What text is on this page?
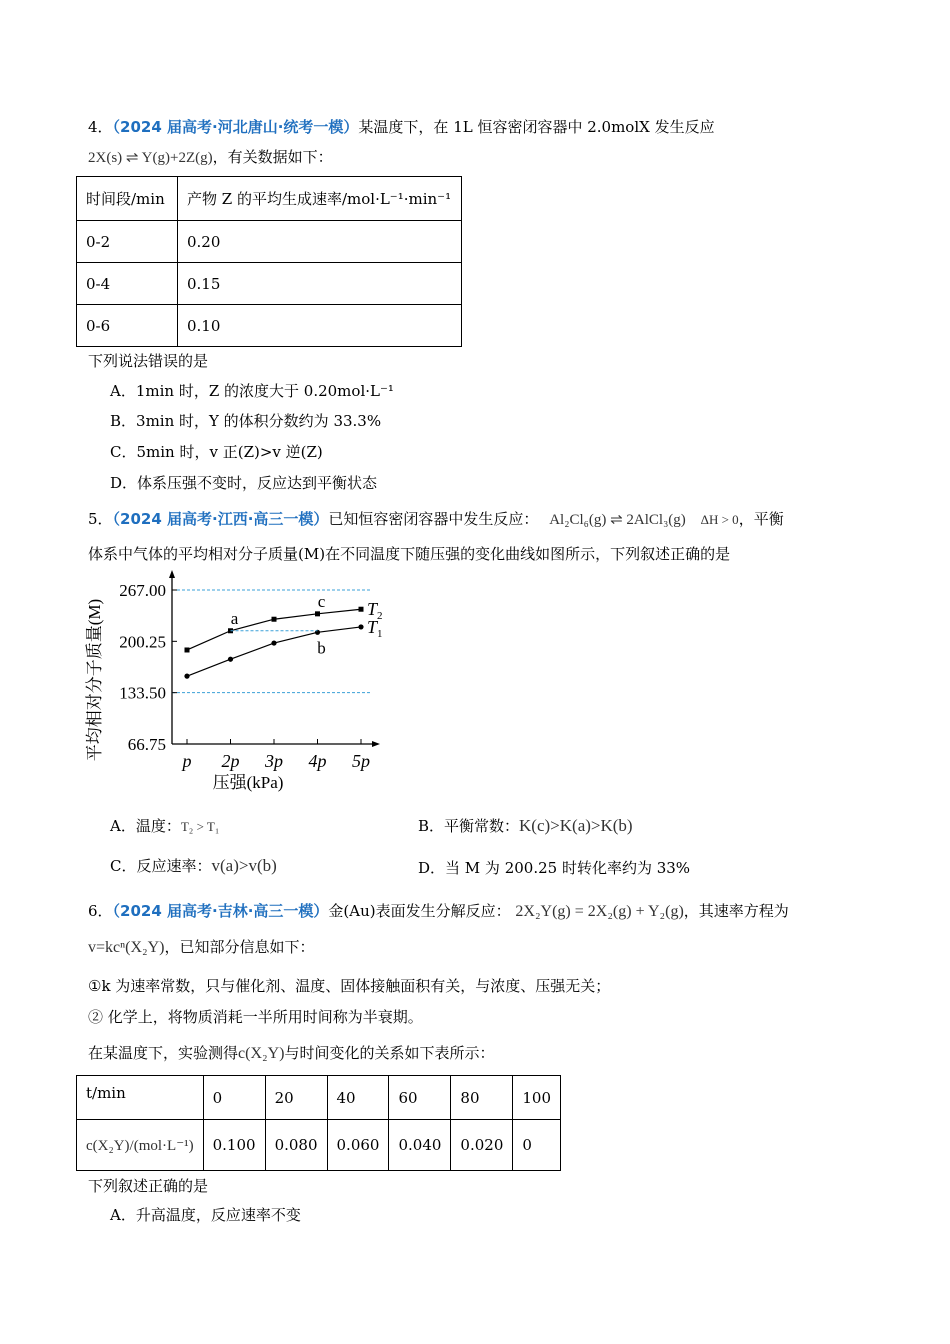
4．（2024 届高考·河北唐山·统考一模）某温度下，在 1L 恒容密闭容器中 2.0molX 发生反应
2X(s) ⇌ Y(g)+2Z(g)，有关数据如下：
时间段/min	产物 Z 的平均生成速率/mol·L⁻¹·min⁻¹
0-2	0.20
0-4	0.15
0-6	0.10
下列说法错误的是
A．1min 时，Z 的浓度大于 0.20mol·L⁻¹
B．3min 时，Y 的体积分数约为 33.3%
C．5min 时，v 正(Z)>v 逆(Z)
D．体系压强不变时，反应达到平衡状态
5．（2024 届高考·江西·高三一模）已知恒容密闭容器中发生反应： Al₂Cl₆(g) ⇌ 2AlCl₃(g) ΔH > 0，平衡
体系中气体的平均相对分子质量(M)在不同温度下随压强的变化曲线如图所示，下列叙述正确的是
平均相对分子质量(M)
压强(kPa)
267.00
200.25
133.50
66.75
p 2p 3p 4p 5p
$T_2$
$T_1$
a
c
b
A．温度：T₂ > T₁	B．平衡常数：K(c)>K(a)>K(b)
C．反应速率：v(a)>v(b)	D．当 M 为 200.25 时转化率约为 33%
6．（2024 届高考·吉林·高三一模）金(Au)表面发生分解反应： 2X₂Y(g) = 2X₂(g) + Y₂(g)，其速率方程为
v=kcⁿ(X₂Y)，已知部分信息如下：
①k 为速率常数，只与催化剂、温度、固体接触面积有关，与浓度、压强无关；
② 化学上，将物质消耗一半所用时间称为半衰期。
在某温度下，实验测得c(X₂Y)与时间变化的关系如下表所示：
t/min	0	20	40	60	80	100
c(X₂Y)/(mol·L⁻¹)	0.100	0.080	0.060	0.040	0.020	0
下列叙述正确的是
A．升高温度，反应速率不变
